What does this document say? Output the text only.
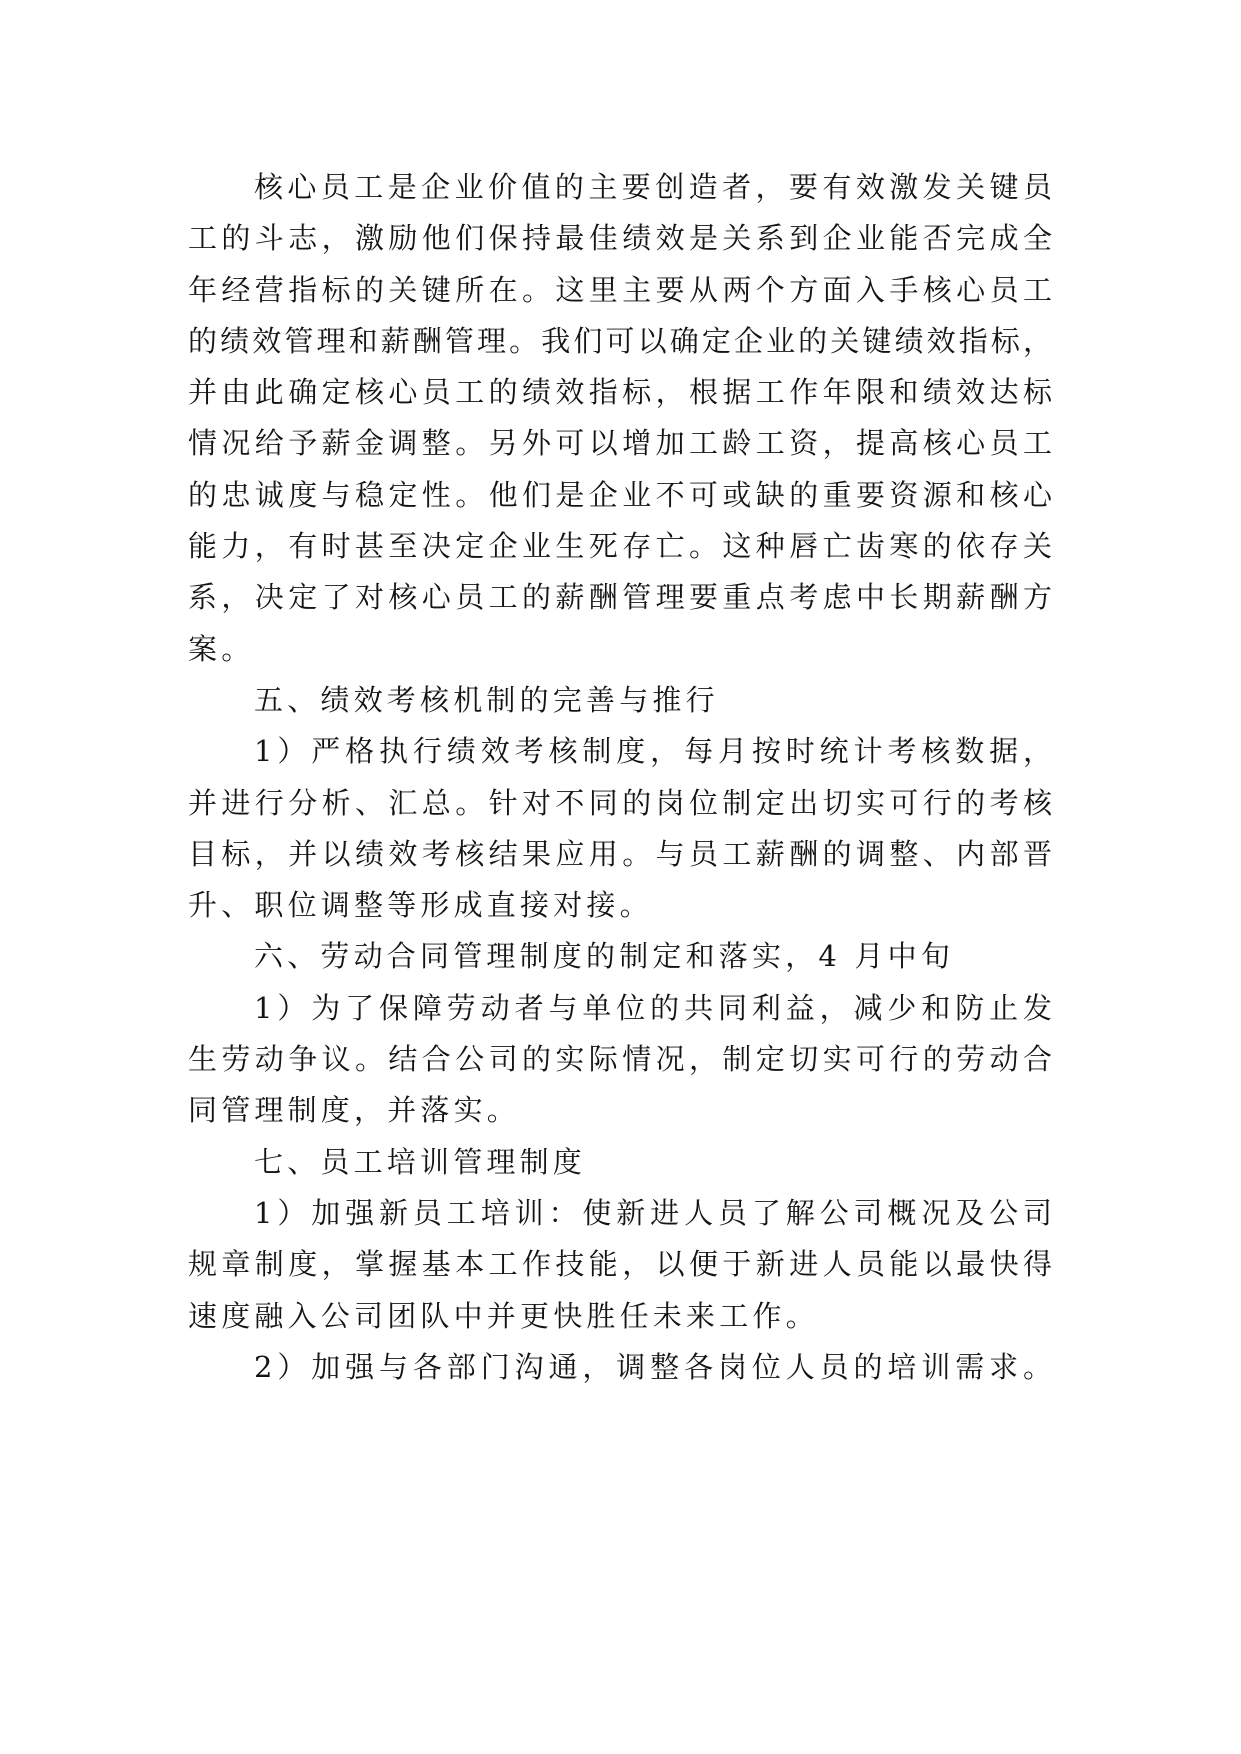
核心员工是企业价值的主要创造者，要有效激发关键员
工的斗志，激励他们保持最佳绩效是关系到企业能否完成全
年经营指标的关键所在。这里主要从两个方面入手核心员工
的绩效管理和薪酬管理。我们可以确定企业的关键绩效指标，
并由此确定核心员工的绩效指标，根据工作年限和绩效达标
情况给予薪金调整。另外可以增加工龄工资，提高核心员工
的忠诚度与稳定性。他们是企业不可或缺的重要资源和核心
能力，有时甚至决定企业生死存亡。这种唇亡齿寒的依存关
系，决定了对核心员工的薪酬管理要重点考虑中长期薪酬方
案。
五、绩效考核机制的完善与推行
1）严格执行绩效考核制度，每月按时统计考核数据，
并进行分析、汇总。针对不同的岗位制定出切实可行的考核
目标，并以绩效考核结果应用。与员工薪酬的调整、内部晋
升、职位调整等形成直接对接。
六、劳动合同管理制度的制定和落实，4 月中旬
1）为了保障劳动者与单位的共同利益，减少和防止发
生劳动争议。结合公司的实际情况，制定切实可行的劳动合
同管理制度，并落实。
七、员工培训管理制度
1）加强新员工培训：使新进人员了解公司概况及公司
规章制度，掌握基本工作技能，以便于新进人员能以最快得
速度融入公司团队中并更快胜任未来工作。
2）加强与各部门沟通，调整各岗位人员的培训需求。
